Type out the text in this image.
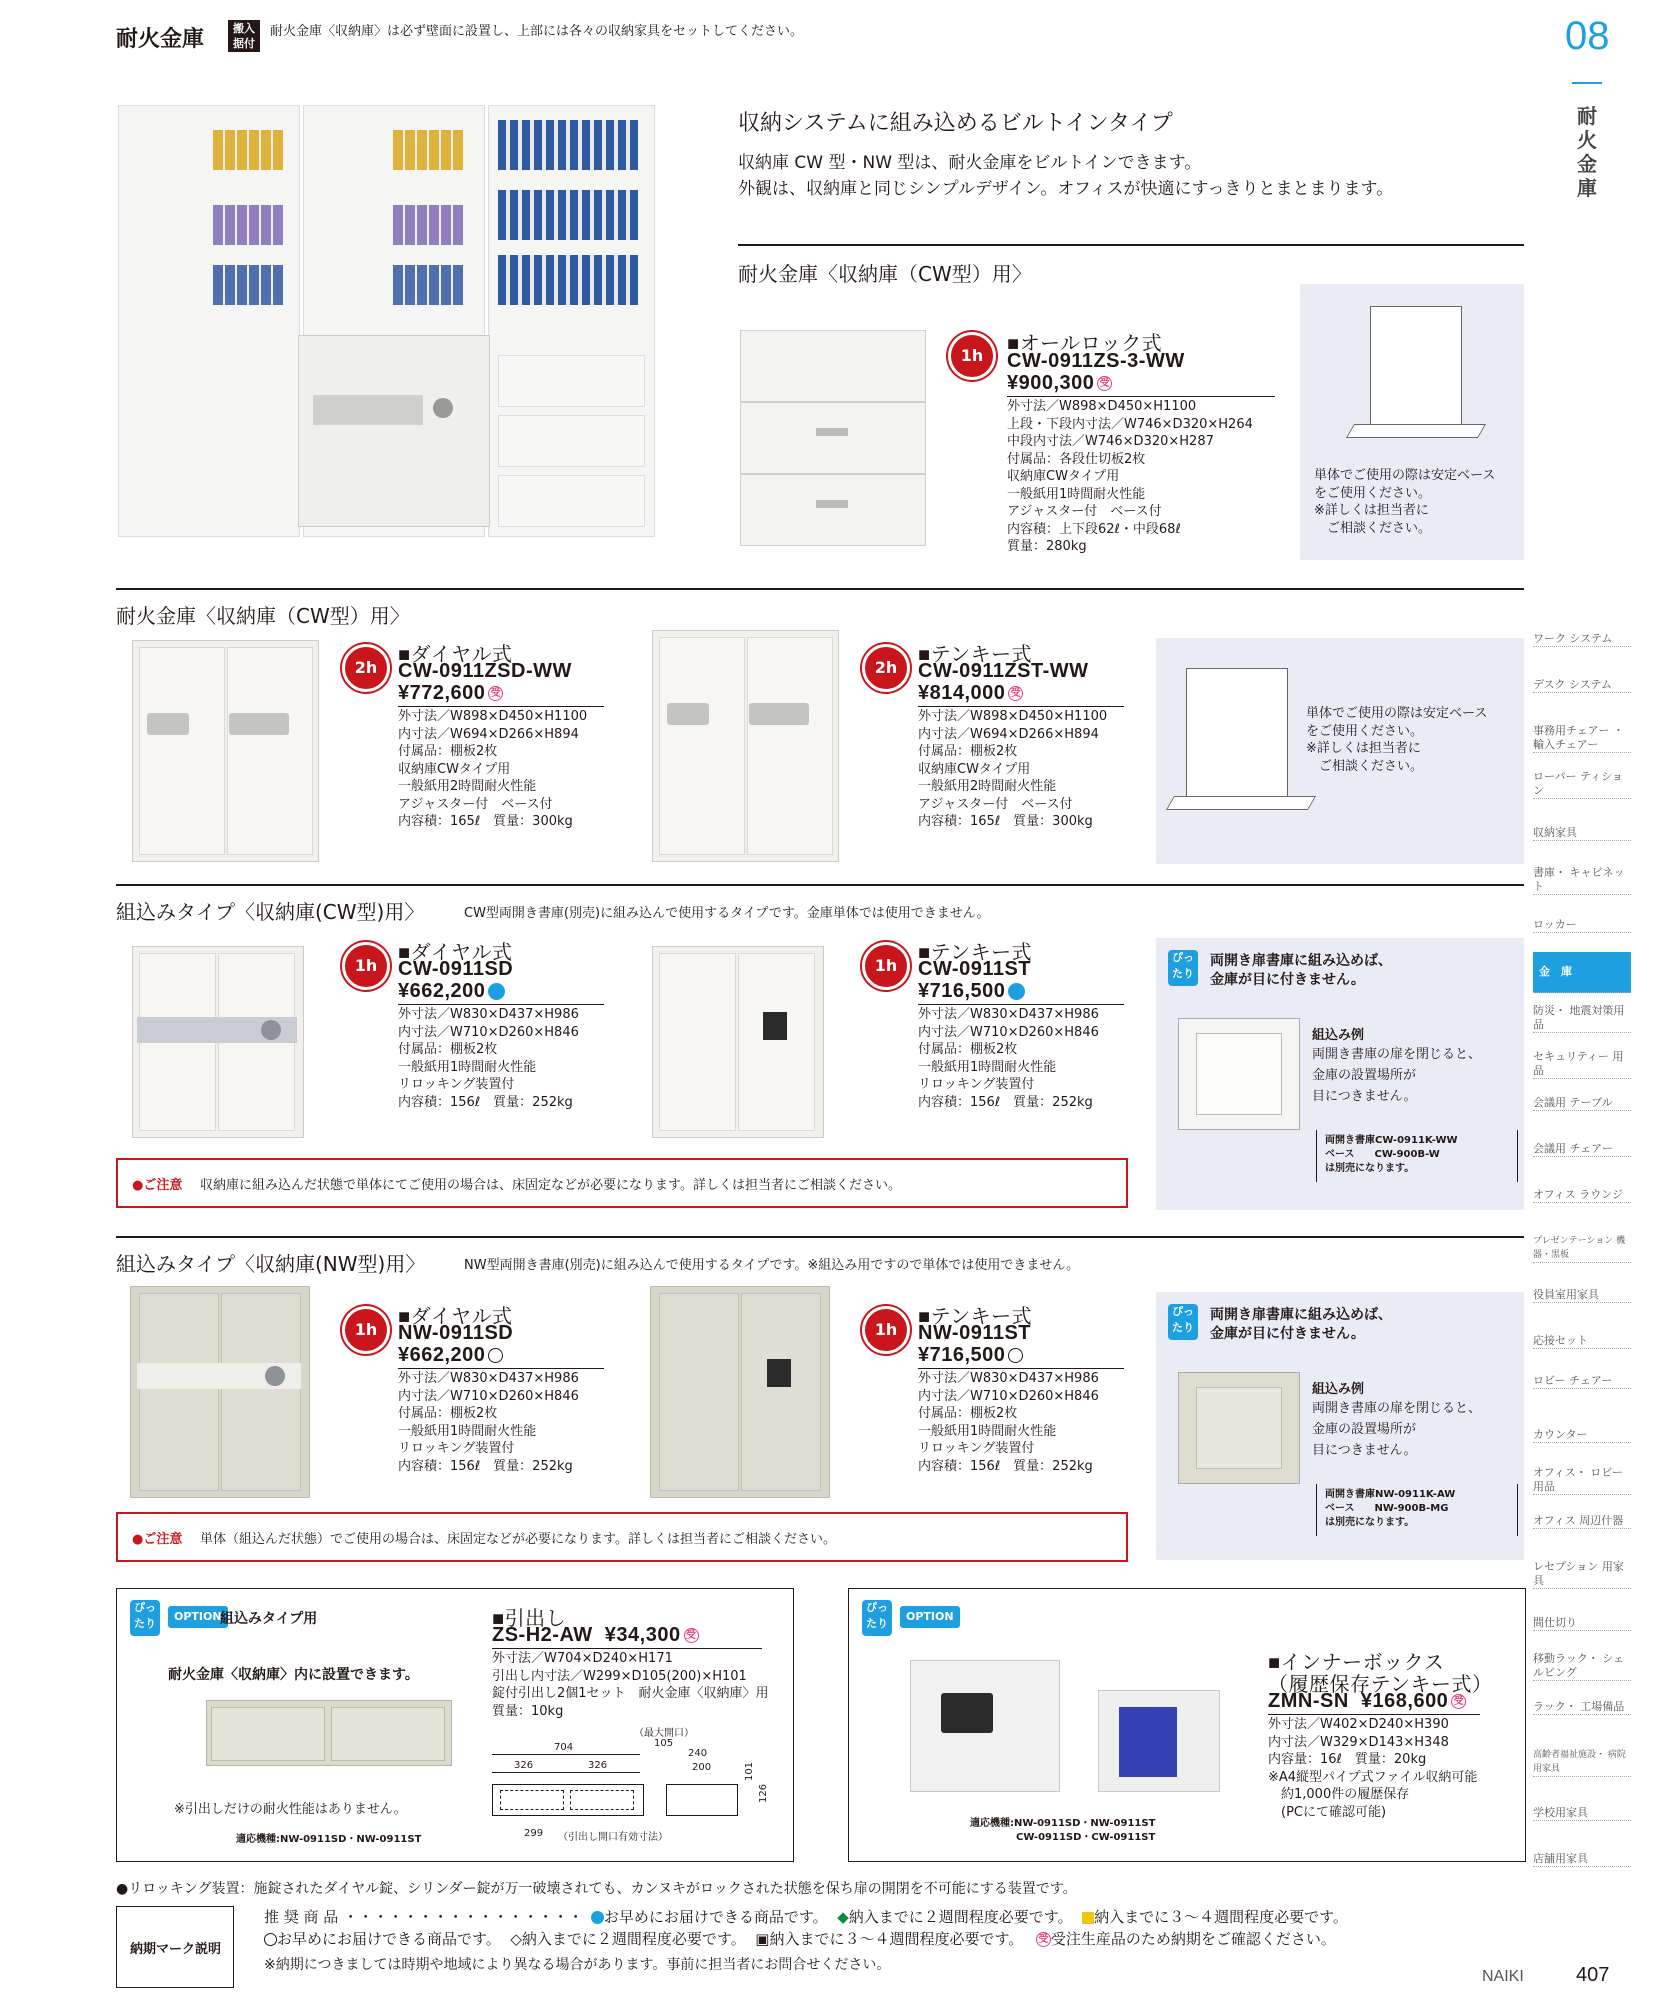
耐火金庫	搬入据付
耐火金庫〈収納庫〉は必ず壁面に設置し、上部には各々の収納家具をセットしてください。	08
耐火金庫
収納システムに組み込めるビルトインタイプ
収納庫 CW 型・NW 型は、耐火金庫をビルトインできます。
外観は、収納庫と同じシンプルデザイン。オフィスが快適にすっきりとまとまります。
耐火金庫〈収納庫（CW型）用〉
1h
■オールロック式
CW-0911ZS-3-WW
¥900,300 受
外寸法／W898×D450×H1100
上段・下段内寸法／W746×D320×H264
中段内寸法／W746×D320×H287
付属品：各段仕切板2枚
収納庫CWタイプ用
一般紙用1時間耐火性能
アジャスター付　ベース付
内容積：上下段62ℓ・中段68ℓ
質量：280kg
単体でご使用の際は安定ベース
をご使用ください。
※詳しくは担当者に
　ご相談ください。
耐火金庫〈収納庫（CW型）用〉
2h
■ダイヤル式
CW-0911ZSD-WW
¥772,600 受
外寸法／W898×D450×H1100
内寸法／W694×D266×H894
付属品：棚板2枚
収納庫CWタイプ用
一般紙用2時間耐火性能
アジャスター付　ベース付
内容積：165ℓ　質量：300kg
2h
■テンキー式
CW-0911ZST-WW
¥814,000 受
外寸法／W898×D450×H1100
内寸法／W694×D266×H894
付属品：棚板2枚
収納庫CWタイプ用
一般紙用2時間耐火性能
アジャスター付　ベース付
内容積：165ℓ　質量：300kg
単体でご使用の際は安定ベース
をご使用ください。
※詳しくは担当者に
　ご相談ください。
組込みタイプ〈収納庫(CW型)用〉	CW型両開き書庫(別売)に組み込んで使用するタイプです。金庫単体では使用できません。
1h
■ダイヤル式
CW-0911SD
¥662,200
外寸法／W830×D437×H986
内寸法／W710×D260×H846
付属品：棚板2枚
一般紙用1時間耐火性能
リロッキング装置付
内容積：156ℓ　質量：252kg
1h
■テンキー式
CW-0911ST
¥716,500
外寸法／W830×D437×H986
内寸法／W710×D260×H846
付属品：棚板2枚
一般紙用1時間耐火性能
リロッキング装置付
内容積：156ℓ　質量：252kg
●ご注意 収納庫に組み込んだ状態で単体にてご使用の場合は、床固定などが必要になります。詳しくは担当者にご相談ください。
ぴったり
両開き扉書庫に組み込めば、
金庫が目に付きません。
組込み例
両開き書庫の扉を閉じると、
金庫の設置場所が
目につきません。
両開き書庫CW-0911K-WW
ベース　　CW-900B-W
は別売になります。
組込みタイプ〈収納庫(NW型)用〉	NW型両開き書庫(別売)に組み込んで使用するタイプです。※組込み用ですので単体では使用できません。
1h
■ダイヤル式
NW-0911SD
¥662,200
外寸法／W830×D437×H986
内寸法／W710×D260×H846
付属品：棚板2枚
一般紙用1時間耐火性能
リロッキング装置付
内容積：156ℓ　質量：252kg
1h
■テンキー式
NW-0911ST
¥716,500
外寸法／W830×D437×H986
内寸法／W710×D260×H846
付属品：棚板2枚
一般紙用1時間耐火性能
リロッキング装置付
内容積：156ℓ　質量：252kg
●ご注意 単体（組込んだ状態）でご使用の場合は、床固定などが必要になります。詳しくは担当者にご相談ください。
ぴったり
両開き扉書庫に組み込めば、
金庫が目に付きません。
組込み例
両開き書庫の扉を閉じると、
金庫の設置場所が
目につきません。
両開き書庫NW-0911K-AW
ベース　　NW-900B-MG
は別売になります。
ぴったり
OPTION
組込みタイプ用
耐火金庫〈収納庫〉内に設置できます。
※引出しだけの耐火性能はありません。
適応機種:NW-0911SD・NW-0911ST
■引出し
ZS-H2-AW ¥34,300 受
外寸法／W704×D240×H171
引出し内寸法／W299×D105(200)×H101
錠付引出し2個1セット　耐火金庫〈収納庫〉用
質量：10kg
（最大開口）
704	105
240
326	326	200	101
126
299 （引出し開口有効寸法）
ぴったり
OPTION
適応機種:NW-0911SD・NW-0911ST
CW-0911SD・CW-0911ST
■インナーボックス
（履歴保存テンキー式）
ZMN-SN ¥168,600 受
外寸法／W402×D240×H390
内寸法／W329×D143×H348
内容量：16ℓ　質量：20kg
※A4縦型パイプ式ファイル収納可能
　約1,000件の履歴保存
　(PCにて確認可能)
●リロッキング装置：施錠されたダイヤル錠、シリンダー錠が万一破壊されても、カンヌキがロックされた状態を保ち扉の開閉を不可能にする装置です。
納期マーク説明
推 奨 商 品 ・・・・・・・・・・・・・・・・ お早めにお届けできる商品です。 ◆納入までに２週間程度必要です。 納入までに３～４週間程度必要です。
お早めにお届けできる商品です。 ◇納入までに２週間程度必要です。 ▣納入までに３～４週間程度必要です。 受 受注生産品のため納期をご確認ください。
※納期につきましては時期や地域により異なる場合があります。事前に担当者にお問合せください。
NAIKI	407
ワーク システム
デスク システム
事務用チェアー ・輸入チェアー
ローパー ティション
収納家具
書庫・ キャビネット
ロッカー
金　庫
防災・ 地震対策用品
セキュリティー 用品
会議用 テーブル
会議用 チェアー
オフィス ラウンジ
プレゼンテーション 機器・黒板
役員室用家具
応接セット
ロビー チェアー
カウンター
オフィス・ ロビー用品
オフィス 周辺什器
レセプション 用家具
間仕切り
移動ラック・ シェルビング
ラック・ 工場備品
高齢者福祉施設・ 病院用家具
学校用家具
店舗用家具
